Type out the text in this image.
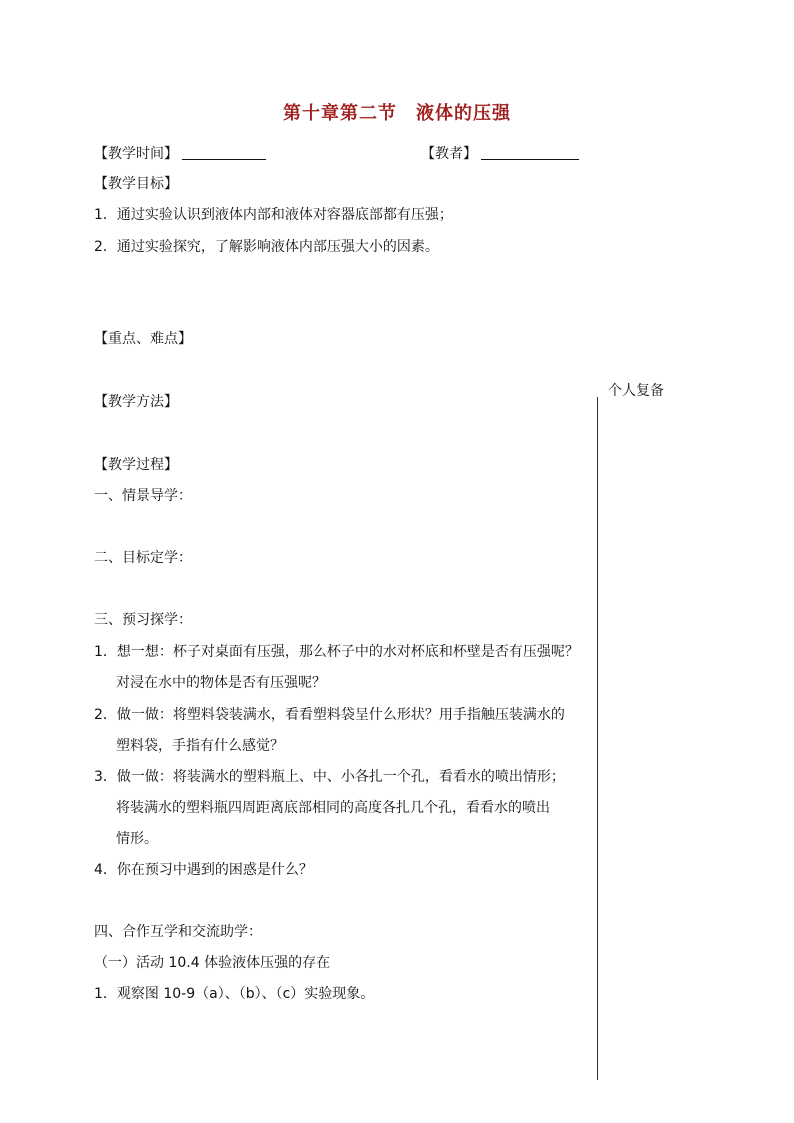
第十章第二节　液体的压强
【教学时间】	【教者】
【教学目标】
1．通过实验认识到液体内部和液体对容器底部都有压强；
2．通过实验探究，了解影响液体内部压强大小的因素。
【重点、难点】
【教学方法】
【教学过程】
一、情景导学：
二、目标定学：
三、预习探学：
1．想一想：杯子对桌面有压强，那么杯子中的水对杯底和杯壁是否有压强呢？
对浸在水中的物体是否有压强呢？
2．做一做：将塑料袋装满水，看看塑料袋呈什么形状？用手指触压装满水的
塑料袋，手指有什么感觉？
3．做一做：将装满水的塑料瓶上、中、小各扎一个孔，看看水的喷出情形；
将装满水的塑料瓶四周距离底部相同的高度各扎几个孔，看看水的喷出
情形。
4．你在预习中遇到的困惑是什么？
四、合作互学和交流助学：
（一）活动 10.4 体验液体压强的存在
1．观察图 10-9（a）、（b）、（c）实验现象。
个人复备
